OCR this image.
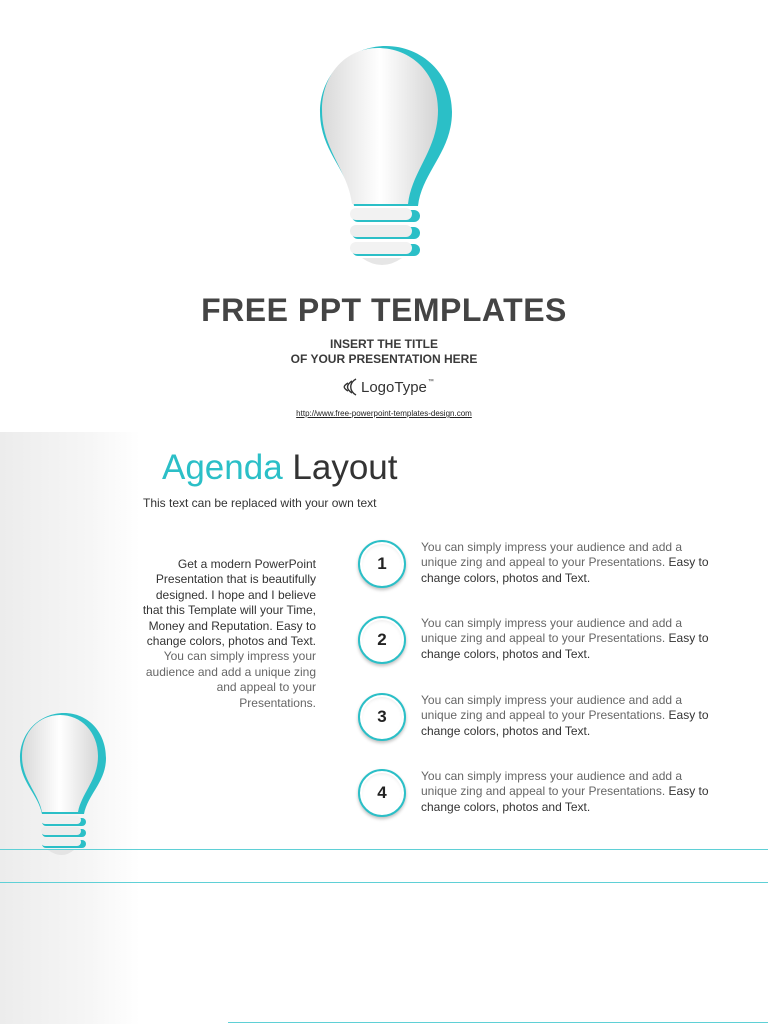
FREE PPT TEMPLATES
INSERT THE TITLE
OF YOUR PRESENTATION HERE
LogoType™
http://www.free-powerpoint-templates-design.com
Agenda Layout
This text can be replaced with your own text
Get a modern PowerPoint Presentation that is beautifully designed. I hope and I believe that this Template will your Time, Money and Reputation. Easy to change colors, photos and Text. You can simply impress your audience and add a unique zing and appeal to your Presentations.
1
You can simply impress your audience and add a unique zing and appeal to your Presentations. Easy to change colors, photos and Text.
2
You can simply impress your audience and add a unique zing and appeal to your Presentations. Easy to change colors, photos and Text.
3
You can simply impress your audience and add a unique zing and appeal to your Presentations. Easy to change colors, photos and Text.
4
You can simply impress your audience and add a unique zing and appeal to your Presentations. Easy to change colors, photos and Text.
